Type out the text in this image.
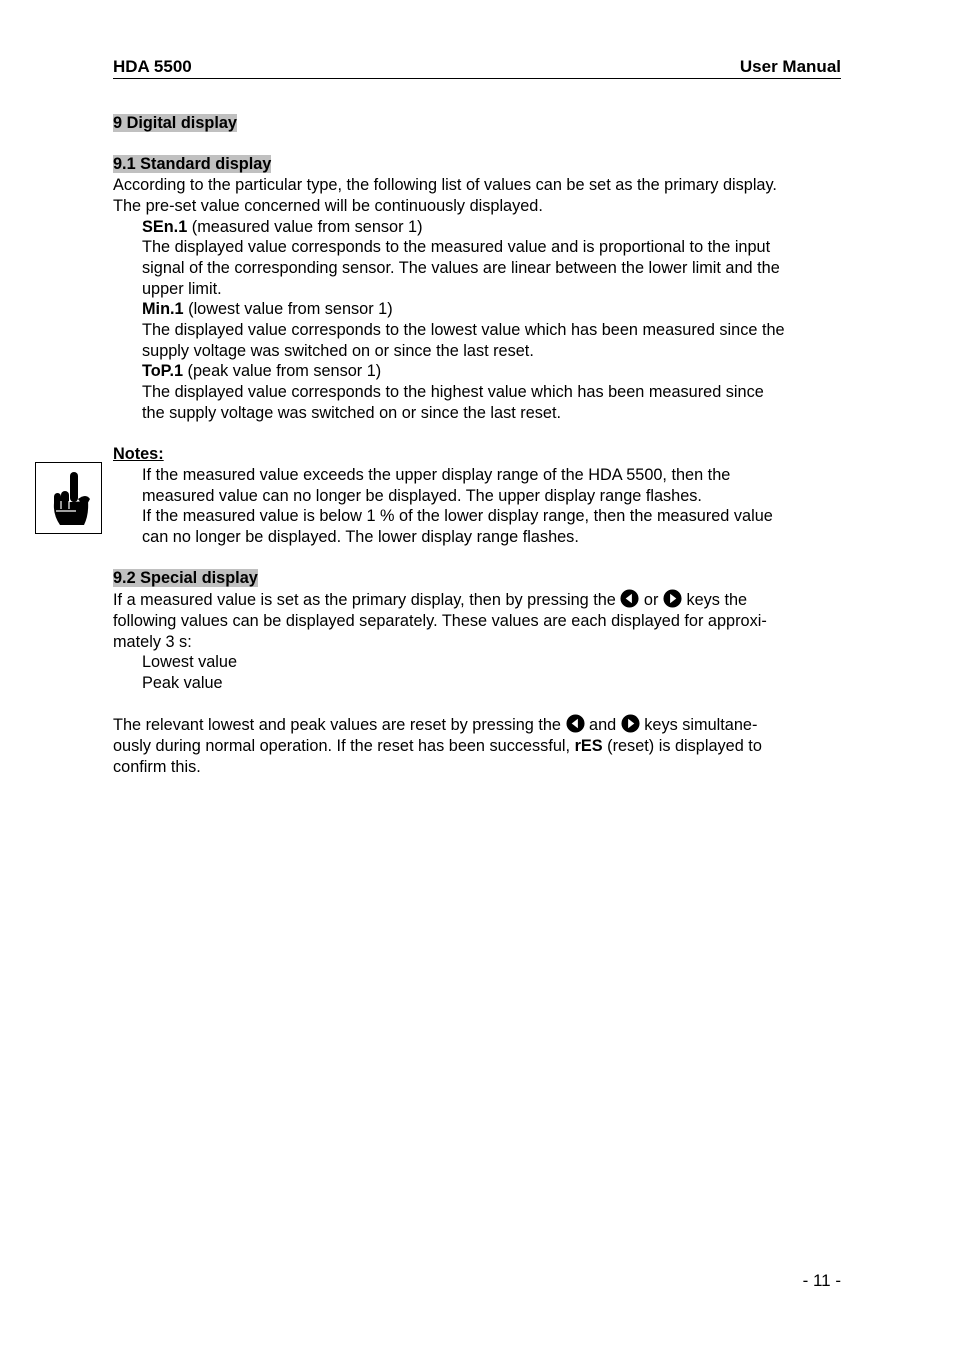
HDA 5500	User Manual

9 Digital display

9.1 Standard display

According to the particular type, the following list of values can be set as the primary display.

The pre-set value concerned will be continuously displayed.

SEn.1 (measured value from sensor 1)

The displayed value corresponds to the measured value and is proportional to the input

signal of the corresponding sensor. The values are linear between the lower limit and the

upper limit.

Min.1 (lowest value from sensor 1)

The displayed value corresponds to the lowest value which has been measured since the

supply voltage was switched on or since the last reset.

ToP.1 (peak value from sensor 1)

The displayed value corresponds to the highest value which has been measured since

the supply voltage was switched on or since the last reset.

Notes:

If the measured value exceeds the upper display range of the HDA 5500, then the

measured value can no longer be displayed. The upper display range flashes.

If the measured value is below 1 % of the lower display range, then the measured value

can no longer be displayed. The lower display range flashes.

9.2 Special display

If a measured value is set as the primary display, then by pressing the  or  keys the

following values can be displayed separately. These values are each displayed for approxi-

mately 3 s:

Lowest value

Peak value

The relevant lowest and peak values are reset by pressing the  and  keys simultane-

ously during normal operation. If the reset has been successful, rES (reset) is displayed to

confirm this.

- 11 -
